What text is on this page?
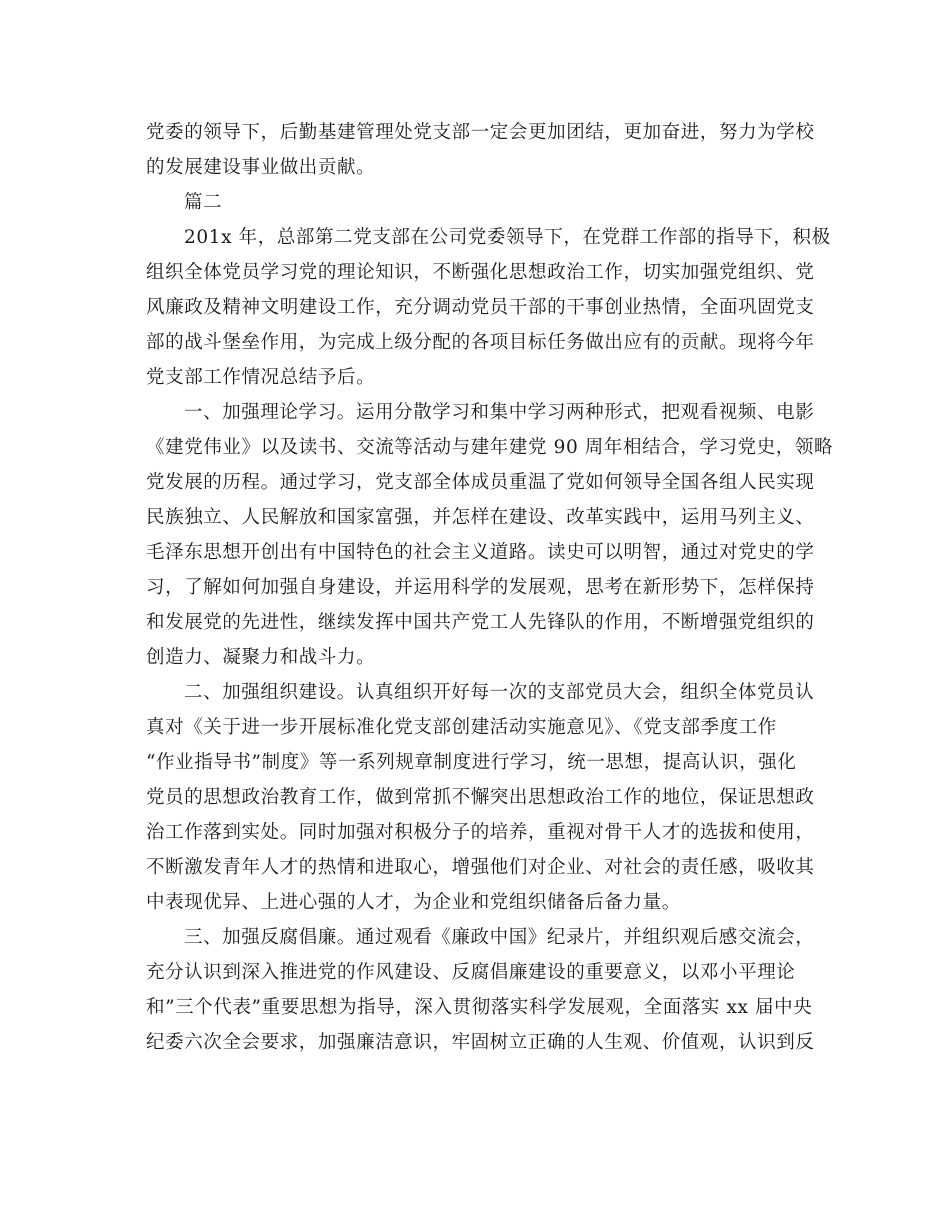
党委的领导下，后勤基建管理处党支部一定会更加团结，更加奋进，努力为学校
的发展建设事业做出贡献。
篇二
201x 年，总部第二党支部在公司党委领导下，在党群工作部的指导下，积极
组织全体党员学习党的理论知识，不断强化思想政治工作，切实加强党组织、党
风廉政及精神文明建设工作，充分调动党员干部的干事创业热情，全面巩固党支
部的战斗堡垒作用，为完成上级分配的各项目标任务做出应有的贡献。现将今年
党支部工作情况总结予后。
一、加强理论学习。运用分散学习和集中学习两种形式，把观看视频、电影
《建党伟业》以及读书、交流等活动与建年建党 90 周年相结合，学习党史，领略
党发展的历程。通过学习，党支部全体成员重温了党如何领导全国各组人民实现
民族独立、人民解放和国家富强，并怎样在建设、改革实践中，运用马列主义、
毛泽东思想开创出有中国特色的社会主义道路。读史可以明智，通过对党史的学
习，了解如何加强自身建设，并运用科学的发展观，思考在新形势下，怎样保持
和发展党的先进性，继续发挥中国共产党工人先锋队的作用，不断增强党组织的
创造力、凝聚力和战斗力。
二、加强组织建设。认真组织开好每一次的支部党员大会，组织全体党员认
真对《关于进一步开展标准化党支部创建活动实施意见》、《党支部季度工作
“作业指导书”制度》等一系列规章制度进行学习，统一思想，提高认识，强化
党员的思想政治教育工作，做到常抓不懈突出思想政治工作的地位，保证思想政
治工作落到实处。同时加强对积极分子的培养，重视对骨干人才的选拔和使用，
不断激发青年人才的热情和进取心，增强他们对企业、对社会的责任感，吸收其
中表现优异、上进心强的人才，为企业和党组织储备后备力量。
三、加强反腐倡廉。通过观看《廉政中国》纪录片，并组织观后感交流会，
充分认识到深入推进党的作风建设、反腐倡廉建设的重要意义，以邓小平理论
和”三个代表”重要思想为指导，深入贯彻落实科学发展观，全面落实 xx 届中央
纪委六次全会要求，加强廉洁意识，牢固树立正确的人生观、价值观，认识到反
